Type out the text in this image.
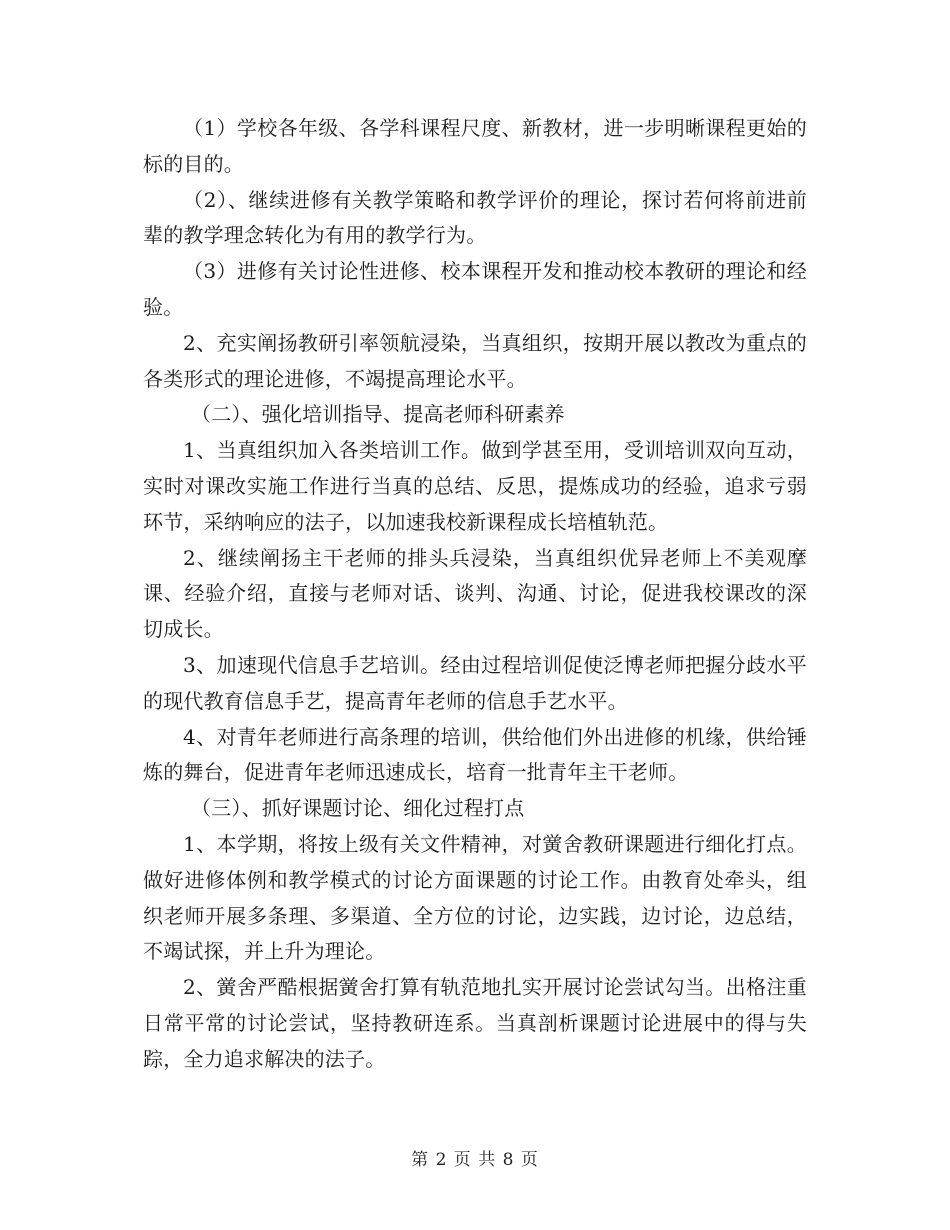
（1）学校各年级、各学科课程尺度、新教材，进一步明晰课程更始的标的目的。

（2）、继续进修有关教学策略和教学评价的理论，探讨若何将前进前辈的教学理念转化为有用的教学行为。

（3）进修有关讨论性进修、校本课程开发和推动校本教研的理论和经验。

2、充实阐扬教研引率领航浸染，当真组织，按期开展以教改为重点的各类形式的理论进修，不竭提高理论水平。

（二）、强化培训指导、提高老师科研素养

1、当真组织加入各类培训工作。做到学甚至用，受训培训双向互动，实时对课改实施工作进行当真的总结、反思，提炼成功的经验，追求亏弱环节，采纳响应的法子，以加速我校新课程成长培植轨范。

2、继续阐扬主干老师的排头兵浸染，当真组织优异老师上不美观摩课、经验介绍，直接与老师对话、谈判、沟通、讨论，促进我校课改的深切成长。

3、加速现代信息手艺培训。经由过程培训促使泛博老师把握分歧水平的现代教育信息手艺，提高青年老师的信息手艺水平。

4、对青年老师进行高条理的培训，供给他们外出进修的机缘，供给锤炼的舞台，促进青年老师迅速成长，培育一批青年主干老师。

（三）、抓好课题讨论、细化过程打点

1、本学期，将按上级有关文件精神，对黉舍教研课题进行细化打点。做好进修体例和教学模式的讨论方面课题的讨论工作。由教育处牵头，组织老师开展多条理、多渠道、全方位的讨论，边实践，边讨论，边总结，不竭试探，并上升为理论。

2、黉舍严酷根据黉舍打算有轨范地扎实开展讨论尝试勾当。出格注重日常平常的讨论尝试，坚持教研连系。当真剖析课题讨论进展中的得与失踪，全力追求解决的法子。

第 2 页 共 8 页
